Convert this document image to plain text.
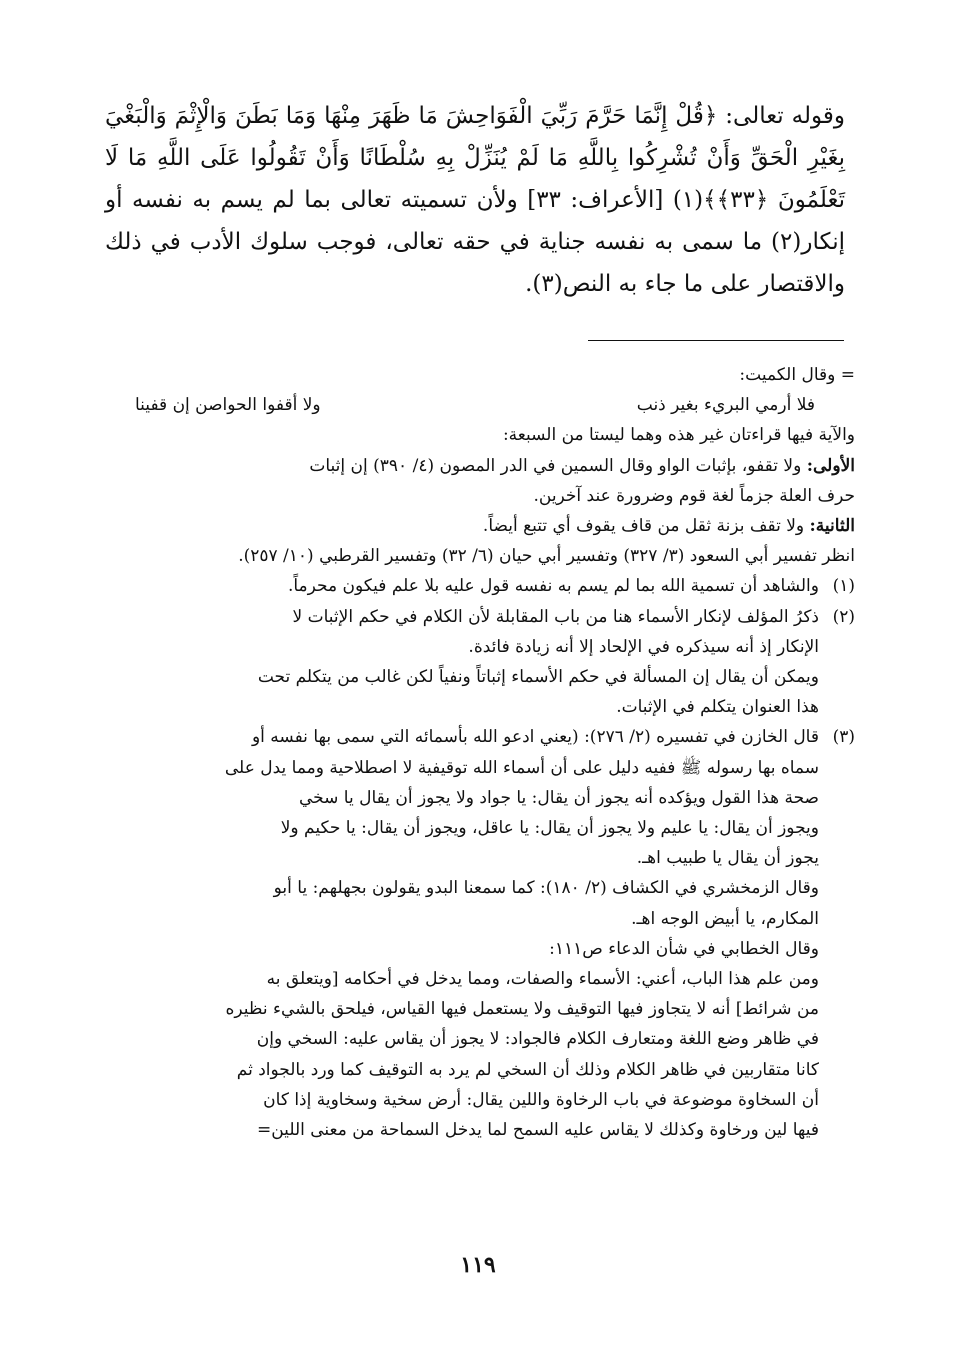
وقوله تعالى: ﴿قُلْ إِنَّمَا حَرَّمَ رَبِّيَ الْفَوَاحِشَ مَا ظَهَرَ مِنْهَا وَمَا بَطَنَ وَالْإِثْمَ وَالْبَغْيَ بِغَيْرِ الْحَقِّ وَأَنْ تُشْرِكُوا بِاللَّهِ مَا لَمْ يُنَزِّلْ بِهِ سُلْطَانًا وَأَنْ تَقُولُوا عَلَى اللَّهِ مَا لَا تَعْلَمُونَ ﴿٣٣﴾﴾(١) [الأعراف: ٣٣] ولأن تسميته تعالى بما لم يسم به نفسه أو إنكار(٢) ما سمى به نفسه جناية في حقه تعالى، فوجب سلوك الأدب في ذلك والاقتصار على ما جاء به النص(٣).

= وقال الكميت:
فلا أرمي البريء بغير ذنب
ولا أقفوا الحواصن إن قفينا
والآية فيها قراءتان غير هذه وهما ليستا من السبعة:
الأولى: ولا تقفو، بإثبات الواو وقال السمين في الدر المصون (٤/ ٣٩٠) إن إثبات
حرف العلة جزماً لغة قوم وضرورة عند آخرين.
الثانية: ولا تقف بزنة ثقل من قاف يقوف أي تتبع أيضاً.
انظر تفسير أبي السعود (٣/ ٣٢٧) وتفسير أبي حيان (٦/ ٣٢) وتفسير القرطبي (١٠/ ٢٥٧).
(١)والشاهد أن تسمية الله بما لم يسم به نفسه قول عليه بلا علم فيكون محرماً.
(٢)ذكرُ المؤلف لإنكار الأسماء هنا من باب المقابلة لأن الكلام في حكم الإثبات لا
الإنكار إذ أنه سيذكره في الإلحاد إلا أنه زيادة فائدة.
ويمكن أن يقال إن المسألة في حكم الأسماء إثباتاً ونفياً لكن غالب من يتكلم تحت
هذا العنوان يتكلم في الإثبات.
(٣)قال الخازن في تفسيره (٢/ ٢٧٦): (يعني ادعو الله بأسمائه التي سمى بها نفسه أو
سماه بها رسوله ﷺ ففيه دليل على أن أسماء الله توقيفية لا اصطلاحية ومما يدل على
صحة هذا القول ويؤكده أنه يجوز أن يقال: يا جواد ولا يجوز أن يقال يا سخي
ويجوز أن يقال: يا عليم ولا يجوز أن يقال: يا عاقل، ويجوز أن يقال: يا حكيم ولا
يجوز أن يقال يا طبيب اهـ.
وقال الزمخشري في الكشاف (٢/ ١٨٠): كما سمعنا البدو يقولون بجهلهم: يا أبو
المكارم، يا أبيض الوجه اهـ.
وقال الخطابي في شأن الدعاء ص١١١:
ومن علم هذا الباب، أعني: الأسماء والصفات، ومما يدخل في أحكامه [ويتعلق به
من شرائط] أنه لا يتجاوز فيها التوقيف ولا يستعمل فيها القياس، فيلحق بالشيء نظيره
في ظاهر وضع اللغة ومتعارف الكلام فالجواد: لا يجوز أن يقاس عليه: السخي وإن
كانا متقاربين في ظاهر الكلام وذلك أن السخي لم يرد به التوقيف كما ورد بالجواد ثم
أن السخاوة موضوعة في باب الرخاوة واللين يقال: أرض سخية وسخاوية إذا كان
فيها لين ورخاوة وكذلك لا يقاس عليه السمح لما يدخل السماحة من معنى اللين=
١١٩
